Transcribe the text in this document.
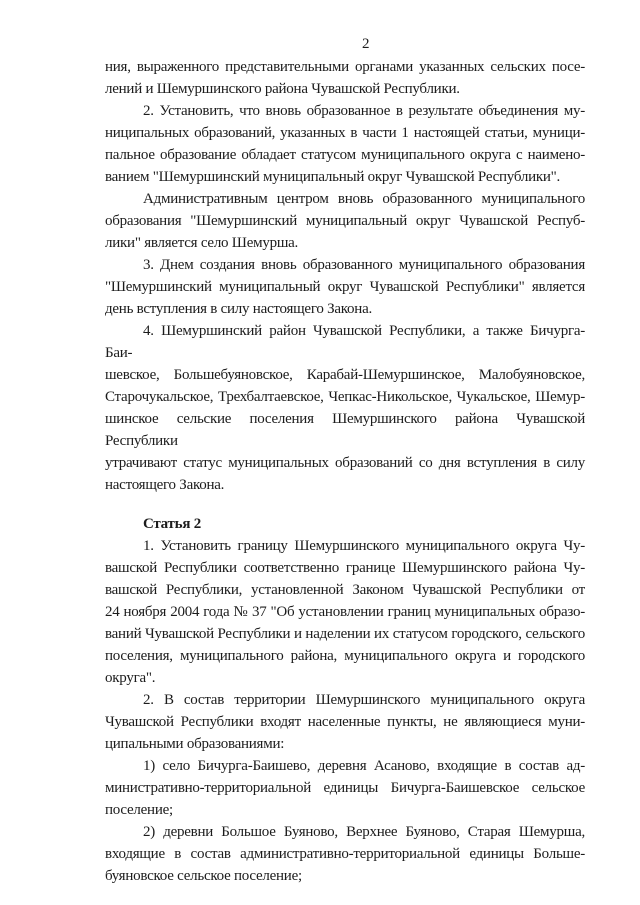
2
ния, выраженного представительными органами указанных сельских посе-
лений и Шемуршинского района Чувашской Республики.
2. Установить, что вновь образованное в результате объединения му-
ниципальных образований, указанных в части 1 настоящей статьи, муници-
пальное образование обладает статусом муниципального округа с наимено-
ванием "Шемуршинский муниципальный округ Чувашской Республики".
Административным центром вновь образованного муниципального
образования "Шемуршинский муниципальный округ Чувашской Респуб-
лики" является село Шемурша.
3. Днем создания вновь образованного муниципального образования
"Шемуршинский муниципальный округ Чувашской Республики" является
день вступления в силу настоящего Закона.
4. Шемуршинский район Чувашской Республики, а также Бичурга-Баи-
шевское, Большебуяновское, Карабай-Шемуршинское, Малобуяновское,
Старочукальское, Трехбалтаевское, Чепкас-Никольское, Чукальское, Шемур-
шинское сельские поселения Шемуршинского района Чувашской Республики
утрачивают статус муниципальных образований со дня вступления в силу
настоящего Закона.
Статья 2
1. Установить границу Шемуршинского муниципального округа Чу-
вашской Республики соответственно границе Шемуршинского района Чу-
вашской Республики, установленной Законом Чувашской Республики от
24 ноября 2004 года № 37 "Об установлении границ муниципальных образо-
ваний Чувашской Республики и наделении их статусом городского, сельского
поселения, муниципального района, муниципального округа и городского
округа".
2. В состав территории Шемуршинского муниципального округа
Чувашской Республики входят населенные пункты, не являющиеся муни-
ципальными образованиями:
1) село Бичурга-Баишево, деревня Асаново, входящие в состав ад-
министративно-территориальной единицы Бичурга-Баишевское сельское
поселение;
2) деревни Большое Буяново, Верхнее Буяново, Старая Шемурша,
входящие в состав административно-территориальной единицы Больше-
буяновское сельское поселение;
